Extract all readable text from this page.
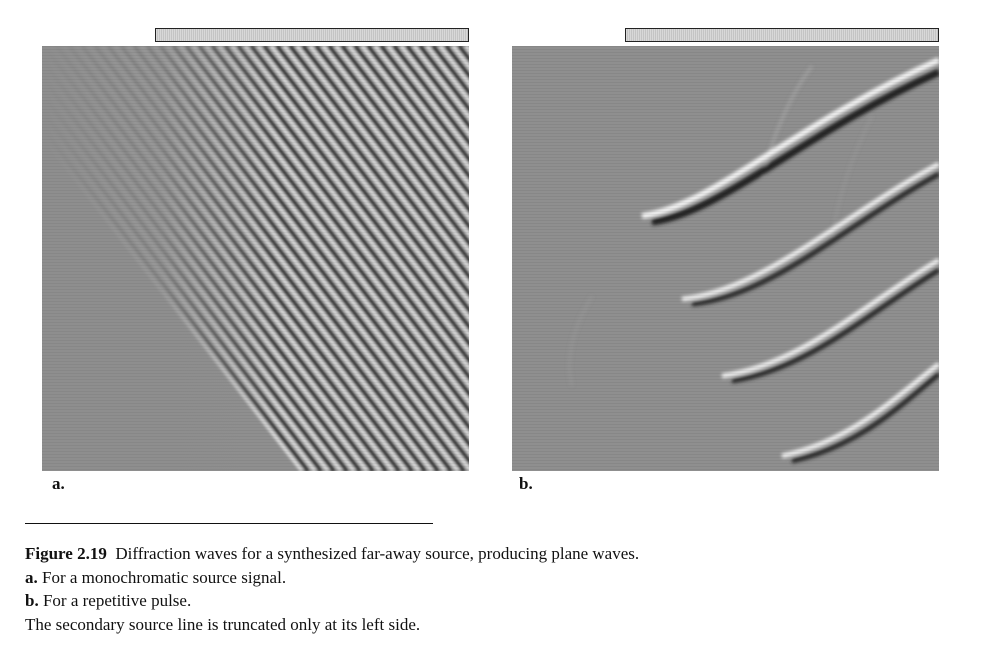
a.	b.
Figure 2.19 Diffraction waves for a synthesized far-away source, producing plane waves.
a. For a monochromatic source signal.
b. For a repetitive pulse.
The secondary source line is truncated only at its left side.
